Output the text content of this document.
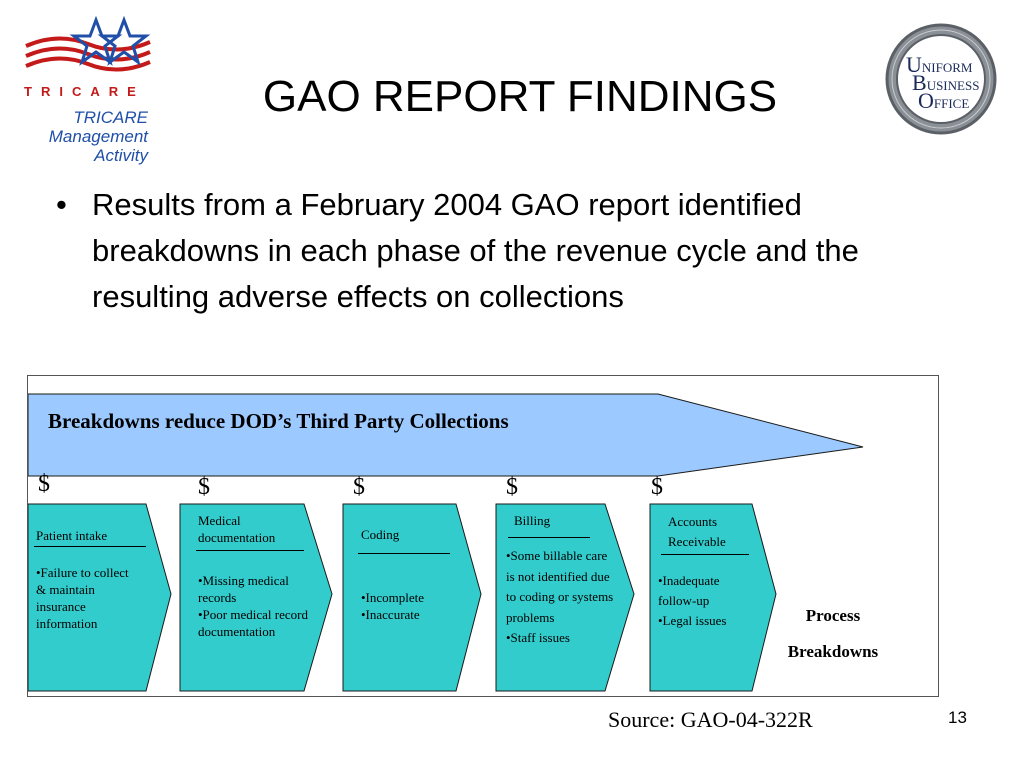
TRICARE
TRICARE
Management
Activity
UNIFORM
BUSINESS
OFFICE
GAO REPORT FINDINGS
• Results from a February 2004 GAO report identified breakdowns in each phase of the revenue cycle and the resulting adverse effects on collections
Breakdowns reduce DOD’s Third Party Collections
$	$	$	$	$
Patient intake
•Failure to collect & maintain insurance information
Medical documentation
•Missing medical records
•Poor medical record documentation
Coding
•Incomplete
•Inaccurate
Billing
•Some billable care is not identified due to coding or systems problems
•Staff issues
Accounts Receivable
•Inadequate follow-up
•Legal issues	Process
Breakdowns
Source: GAO-04-322R	13
